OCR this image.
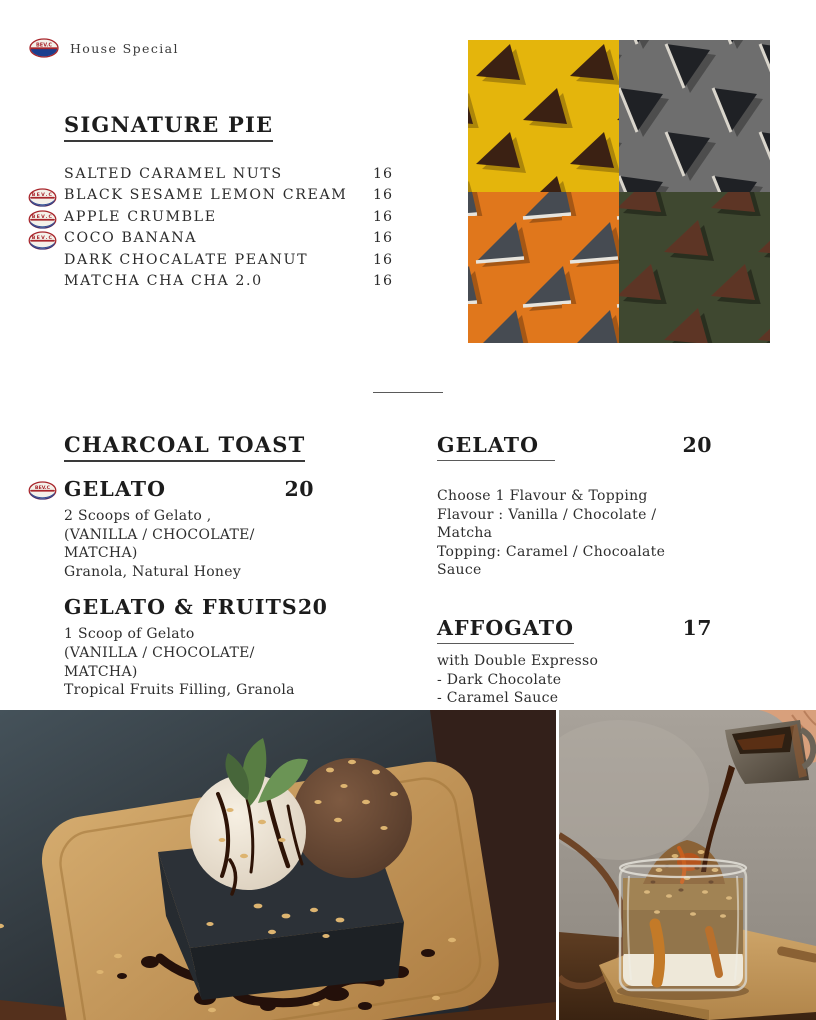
BEV.C House Special
SIGNATURE PIE
SALTED CARAMEL NUTS	16
BEV.C BLACK SESAME LEMON CREAM	16
BEV.C APPLE CRUMBLE	16
BEV.C COCO BANANA	16
DARK CHOCALATE PEANUT	16
MATCHA CHA CHA 2.0	16
CHARCOAL TOAST
BEV.C GELATO	20
2 Scoops of Gelato ,
(VANILLA / CHOCOLATE/ MATCHA)
Granola, Natural Honey
GELATO & FRUITS 20
1 Scoop of Gelato
(VANILLA / CHOCOLATE/ MATCHA)
Tropical Fruits Filling, Granola
GELATO	20
Choose 1 Flavour & Topping
Flavour : Vanilla / Chocolate / Matcha
Topping: Caramel / Chocoalate Sauce
AFFOGATO	17
with Double Expresso
- Dark Chocolate
- Caramel Sauce
